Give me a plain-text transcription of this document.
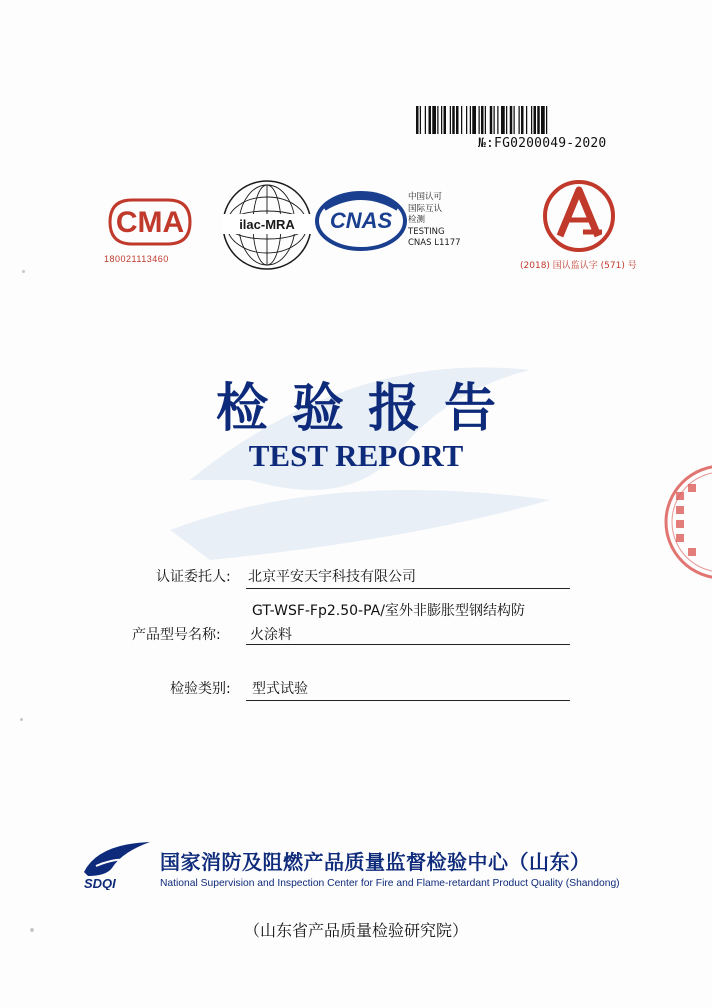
№:FG0200049-2020
CMA
180021113460
ilac-MRA CNAS
中国认可
国际互认
检测
TESTING
CNAS L1177
(2018) 国认监认字 (571) 号
检验报告
TEST REPORT
认证委托人: 北京平安天宇科技有限公司
GT-WSF-Fp2.50-PA/室外非膨胀型钢结构防
产品型号名称: 火涂料
检验类别: 型式试验
SDQI
国家消防及阻燃产品质量监督检验中心（山东）
National Supervision and Inspection Center for Fire and Flame-retardant Product Quality (Shandong)
（山东省产品质量检验研究院）
